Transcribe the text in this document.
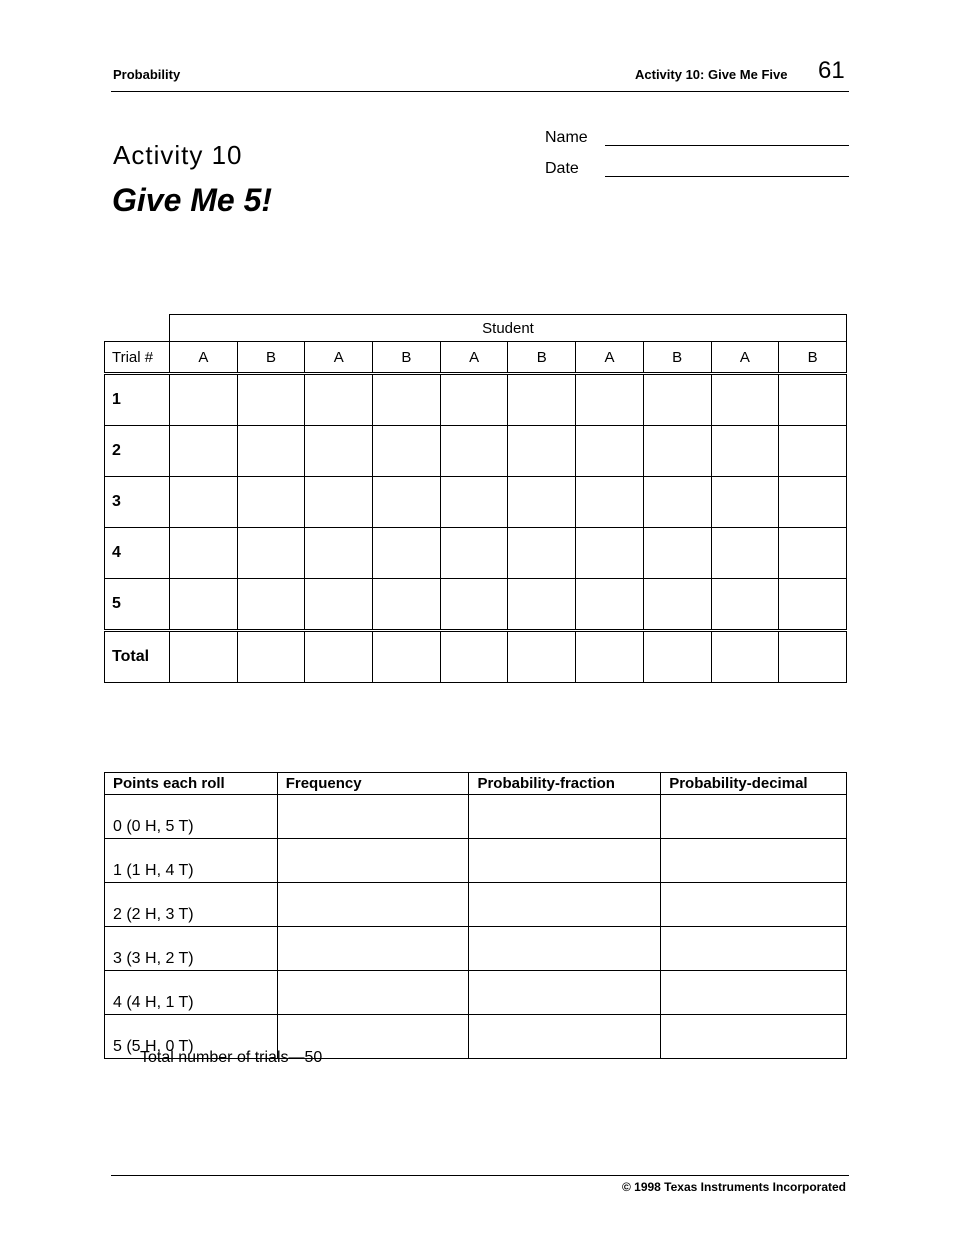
Probability	Activity 10: Give Me Five 61
Name
Date
Activity 10
Give Me 5!
	Student									
Trial #	A	B	A	B	A	B	A	B	A	B
1										
2										
3										
4										
5										
Total										
Points each roll	Frequency	Probability-fraction	Probability-decimal
0 (0 H, 5 T)			
1 (1 H, 4 T)			
2 (2 H, 3 T)			
3 (3 H, 2 T)			
4 (4 H, 1 T)			
5 (5 H, 0 T)			
Total number of trials—50
© 1998 Texas Instruments Incorporated
